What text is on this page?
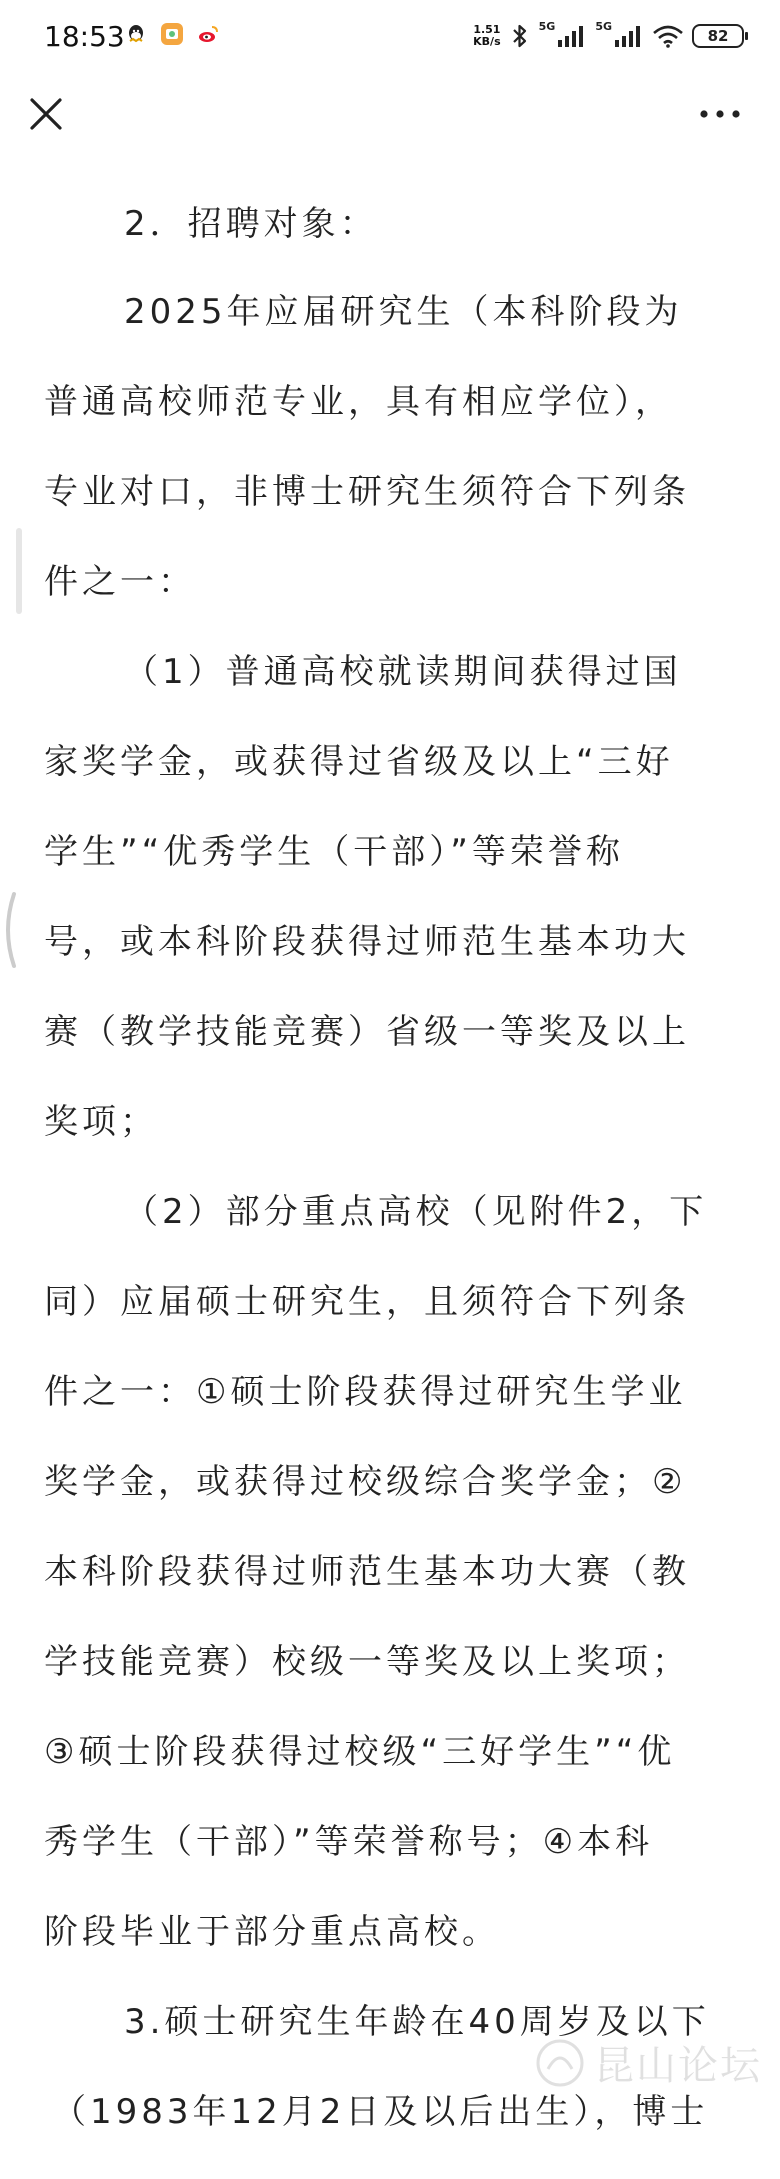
18:53	1.51
KB/s
5G	5G
82
2．招聘对象：
2025年应届研究生（本科阶段为
普通高校师范专业，具有相应学位），
专业对口，非博士研究生须符合下列条
件之一：
（1）普通高校就读期间获得过国
家奖学金，或获得过省级及以上“三好
学生”“优秀学生（干部）”等荣誉称
号，或本科阶段获得过师范生基本功大
赛（教学技能竞赛）省级一等奖及以上
奖项；
（2）部分重点高校（见附件2，下
同）应届硕士研究生，且须符合下列条
件之一：①硕士阶段获得过研究生学业
奖学金，或获得过校级综合奖学金；②
本科阶段获得过师范生基本功大赛（教
学技能竞赛）校级一等奖及以上奖项；
③硕士阶段获得过校级“三好学生”“优
秀学生（干部）”等荣誉称号；④本科
阶段毕业于部分重点高校。
3.硕士研究生年龄在40周岁及以下
（1983年12月2日及以后出生），博士
昆山论坛
